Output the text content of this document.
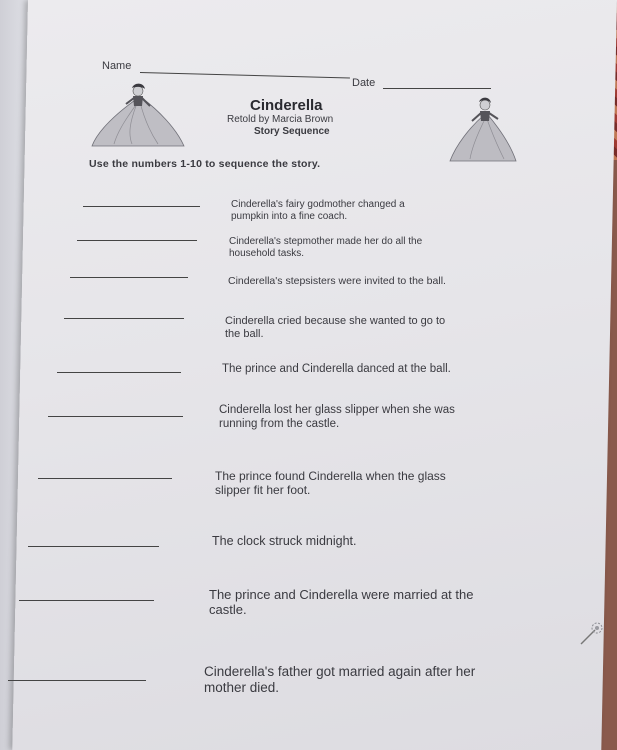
Name
Date
Cinderella
Retold by Marcia Brown
Story Sequence
Use the numbers 1-10 to sequence the story.
Cinderella's fairy godmother changed a
pumpkin into a fine coach.
Cinderella's stepmother made her do all the
household tasks.
Cinderella's stepsisters were invited to the ball.
Cinderella cried because she wanted to go to
the ball.
The prince and Cinderella danced at the ball.
Cinderella lost her glass slipper when she was
running from the castle.
The prince found Cinderella when the glass
slipper fit her foot.
The clock struck midnight.
The prince and Cinderella were married at the
castle.
Cinderella's father got married again after her
mother died.
